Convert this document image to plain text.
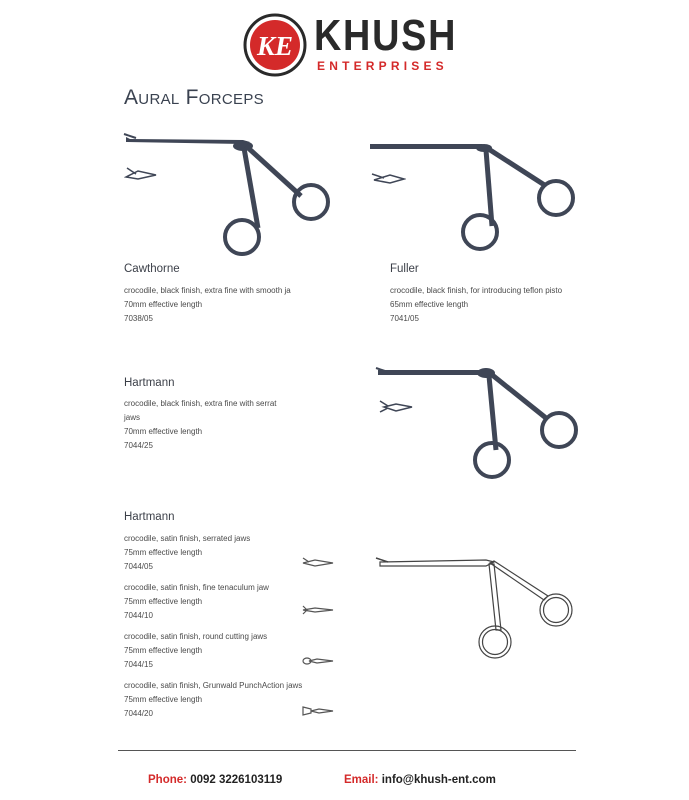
KE KHUSH
ENTERPRISES
Aural Forceps
Cawthorne
crocodile, black finish, extra fine with smooth ja
70mm effective length
7038/05
Fuller
crocodile, black finish, for introducing teflon pisto
65mm effective length
7041/05
Hartmann
crocodile, black finish, extra fine with serrat
jaws
70mm effective length
7044/25
Hartmann
crocodile, satin finish, serrated jaws
75mm effective length
7044/05
crocodile, satin finish, fine tenaculum jaw
75mm effective length
7044/10
crocodile, satin finish, round cutting jaws
75mm effective length
7044/15
crocodile, satin finish, Grunwald PunchAction jaws
75mm effective length
7044/20
Phone: 0092 3226103119	Email: info@khush-ent.com
